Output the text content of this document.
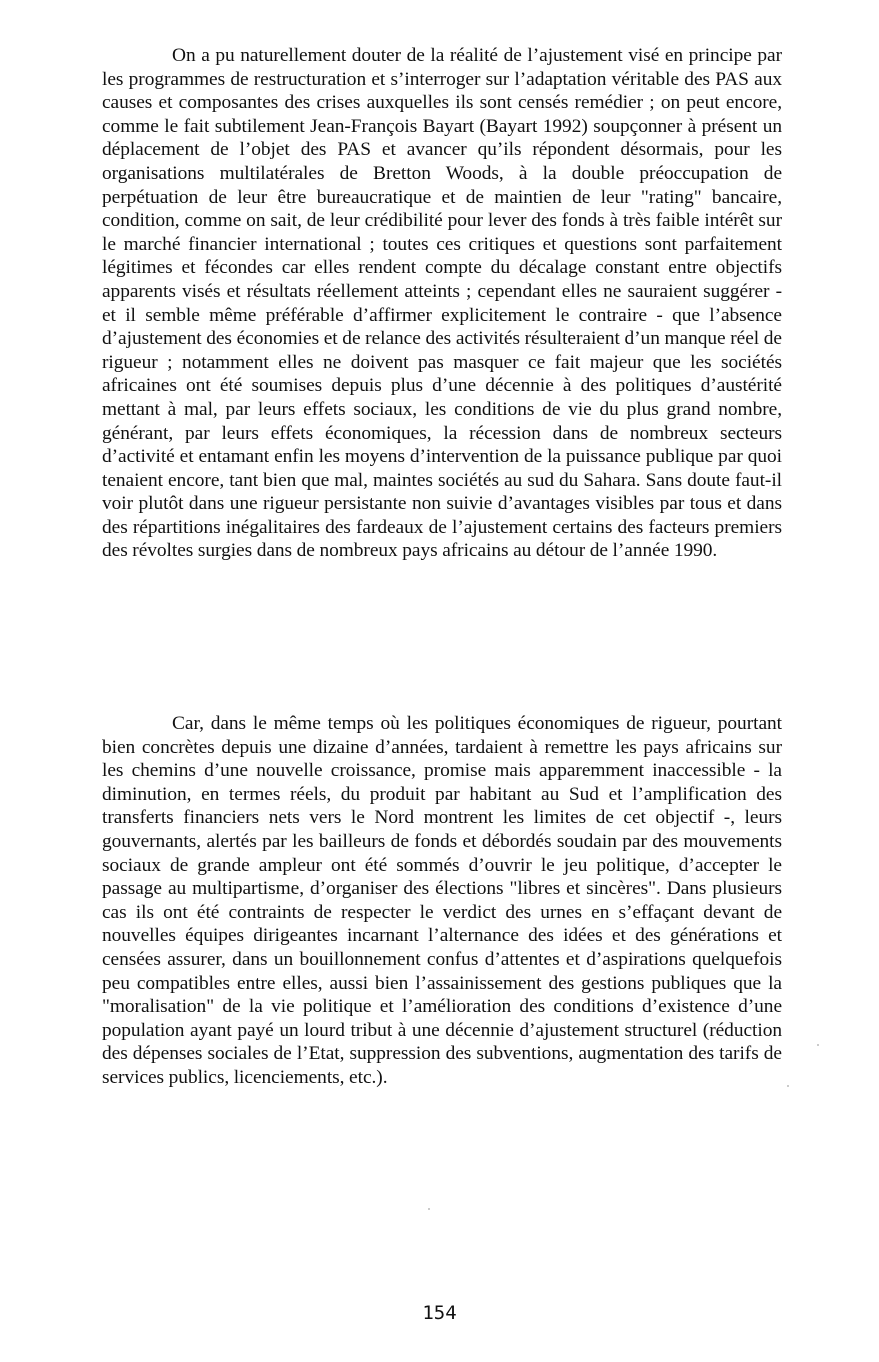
On a pu naturellement douter de la réalité de l’ajustement visé en principe par les programmes de restructuration et s’interroger sur l’adaptation véritable des PAS aux causes et composantes des crises auxquelles ils sont censés remédier ; on peut encore, comme le fait subtilement Jean-François Bayart (Bayart 1992) soupçonner à présent un déplacement de l’objet des PAS et avancer qu’ils répondent désormais, pour les organisations multilatérales de Bretton Woods, à la double préoccupation de perpétuation de leur être bureaucratique et de maintien de leur "rating" bancaire, condition, comme on sait, de leur crédibilité pour lever des fonds à très faible intérêt sur le marché financier international ; toutes ces critiques et questions sont parfaitement légitimes et fécondes car elles rendent compte du décalage constant entre objectifs apparents visés et résultats réellement atteints ; cependant elles ne sauraient suggérer - et il semble même préférable d’affirmer explicitement le contraire - que l’absence d’ajustement des économies et de relance des activités résulteraient d’un manque réel de rigueur ; notamment elles ne doivent pas masquer ce fait majeur que les sociétés africaines ont été soumises depuis plus d’une décennie à des politiques d’austérité mettant à mal, par leurs effets sociaux, les conditions de vie du plus grand nombre, générant, par leurs effets économiques, la récession dans de nombreux secteurs d’activité et entamant enfin les moyens d’intervention de la puissance publique par quoi tenaient encore, tant bien que mal, maintes sociétés au sud du Sahara. Sans doute faut-il voir plutôt dans une rigueur persistante non suivie d’avantages visibles par tous et dans des répartitions inégalitaires des fardeaux de l’ajustement certains des facteurs premiers des révoltes surgies dans de nombreux pays africains au détour de l’année 1990.

Car, dans le même temps où les politiques économiques de rigueur, pourtant bien concrètes depuis une dizaine d’années, tardaient à remettre les pays africains sur les chemins d’une nouvelle croissance, promise mais apparemment inaccessible - la diminution, en termes réels, du produit par habitant au Sud et l’amplification des transferts financiers nets vers le Nord montrent les limites de cet objectif -, leurs gouvernants, alertés par les bailleurs de fonds et débordés soudain par des mouvements sociaux de grande ampleur ont été sommés d’ouvrir le jeu politique, d’accepter le passage au multipartisme, d’organiser des élections "libres et sincères". Dans plusieurs cas ils ont été contraints de respecter le verdict des urnes en s’effaçant devant de nouvelles équipes dirigeantes incarnant l’alternance des idées et des générations et censées assurer, dans un bouillonnement confus d’attentes et d’aspirations quelquefois peu compatibles entre elles, aussi bien l’assainissement des gestions publiques que la "moralisation" de la vie politique et l’amélioration des conditions d’existence d’une population ayant payé un lourd tribut à une décennie d’ajustement structurel (réduction des dépenses sociales de l’Etat, suppression des subventions, augmentation des tarifs de services publics, licenciements, etc.).

154
